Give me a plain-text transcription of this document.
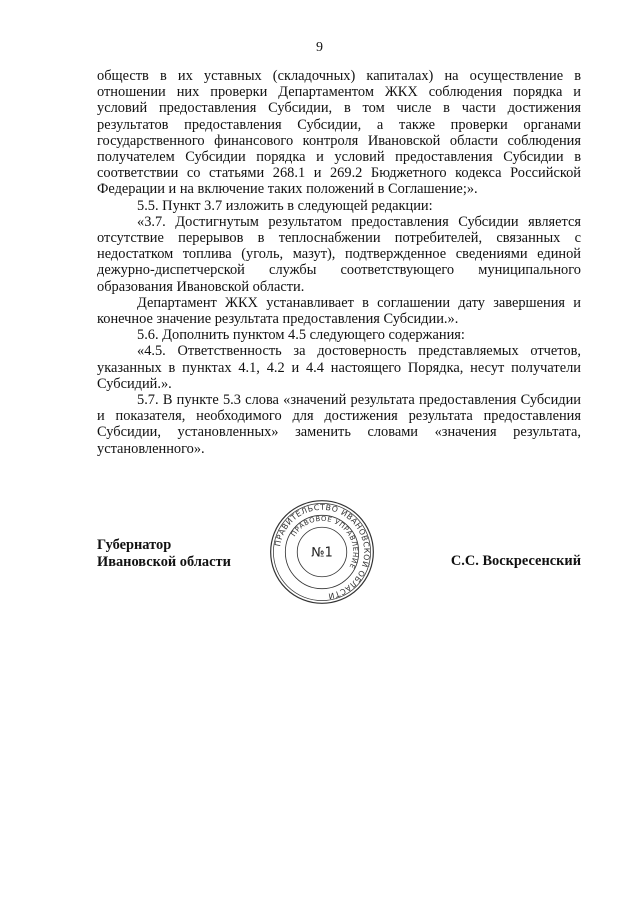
9

обществ в их уставных (складочных) капиталах) на осуществление в отношении них проверки Департаментом ЖКХ соблюдения порядка и условий предоставления Субсидии, в том числе в части достижения результатов предоставления Субсидии, а также проверки органами государственного финансового контроля Ивановской области соблюдения получателем Субсидии порядка и условий предоставления Субсидии в соответствии со статьями 268.1 и 269.2 Бюджетного кодекса Российской Федерации и на включение таких положений в Соглашение;».

5.5. Пункт 3.7 изложить в следующей редакции:

«3.7. Достигнутым результатом предоставления Субсидии является отсутствие перерывов в теплоснабжении потребителей, связанных с недостатком топлива (уголь, мазут), подтвержденное сведениями единой дежурно-диспетчерской службы соответствующего муниципального образования Ивановской области.

Департамент ЖКХ устанавливает в соглашении дату завершения и конечное значение результата предоставления Субсидии.».

5.6. Дополнить пунктом 4.5 следующего содержания:

«4.5. Ответственность за достоверность представляемых отчетов, указанных в пунктах 4.1, 4.2 и 4.4 настоящего Порядка, несут получатели Субсидий.».

5.7. В пункте 5.3 слова «значений результата предоставления Субсидии и показателя, необходимого для достижения результата предоставления Субсидии, установленных» заменить словами «значения результата, установленного».

Губернатор
Ивановской области
ПРАВИТЕЛЬСТВО ИВАНОВСКОЙ ОБЛАСТИ
ПРАВОВОЕ УПРАВЛЕНИЕ
№1	С.С. Воскресенский
